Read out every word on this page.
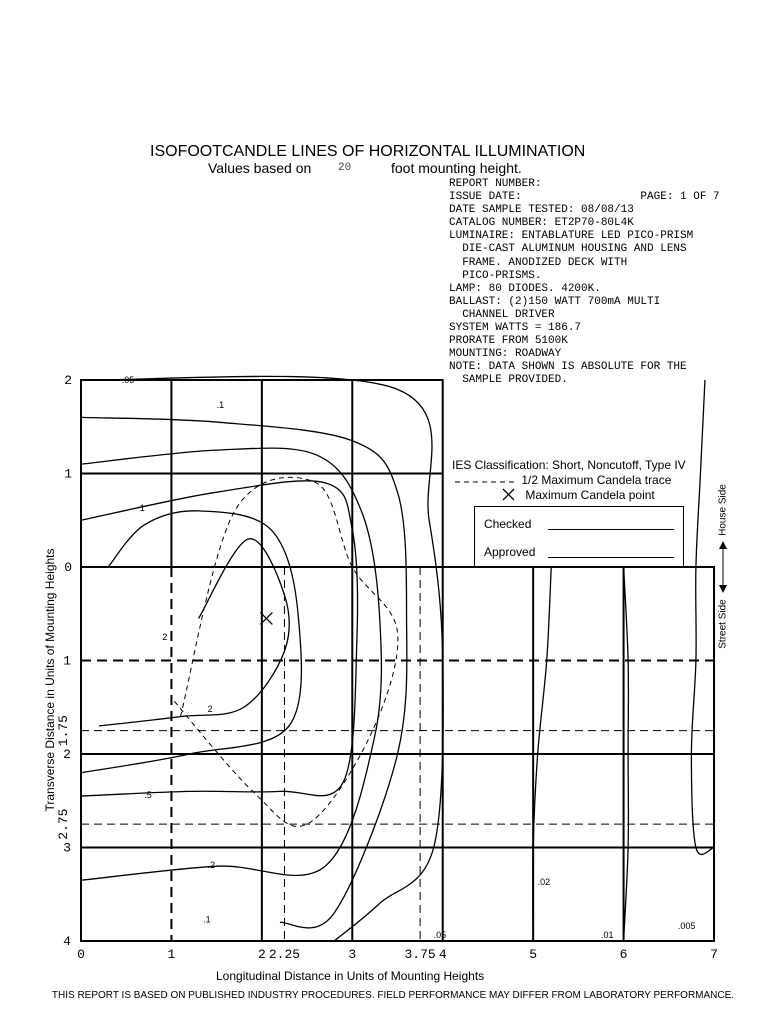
ISOFOOTCANDLE LINES OF HORIZONTAL ILLUMINATION
Values based on	20	foot mounting height.
REPORT NUMBER:
ISSUE DATE:                  PAGE: 1 OF 7
DATE SAMPLE TESTED: 08/08/13
CATALOG NUMBER: ET2P70-80L4K
LUMINAIRE: ENTABLATURE LED PICO-PRISM
DIE-CAST ALUMINUM HOUSING AND LENS
FRAME. ANODIZED DECK WITH
PICO-PRISMS.
LAMP: 80 DIODES. 4200K.
BALLAST: (2)150 WATT 700mA MULTI
CHANNEL DRIVER
SYSTEM WATTS = 186.7
PRORATE FROM 5100K
MOUNTING: ROADWAY
NOTE: DATA SHOWN IS ABSOLUTE FOR THE
SAMPLE PROVIDED.
IES Classification: Short, Noncutoff, Type IV
1/2 Maximum Candela trace
Maximum Candela point
Checked
Approved
House Side
Street Side
.05
.1
1
2
2
.5
.2
.1
.05
.02
.01
.005
0	1	2 2.25	3	3.75 4	5	6	7
2
1
0
1
1.75
2
2.75
3
4
Longitudinal Distance in Units of Mounting Heights
Transverse Distance in Units of Mounting Heights
THIS REPORT IS BASED ON PUBLISHED INDUSTRY PROCEDURES. FIELD PERFORMANCE MAY DIFFER FROM LABORATORY PERFORMANCE.
